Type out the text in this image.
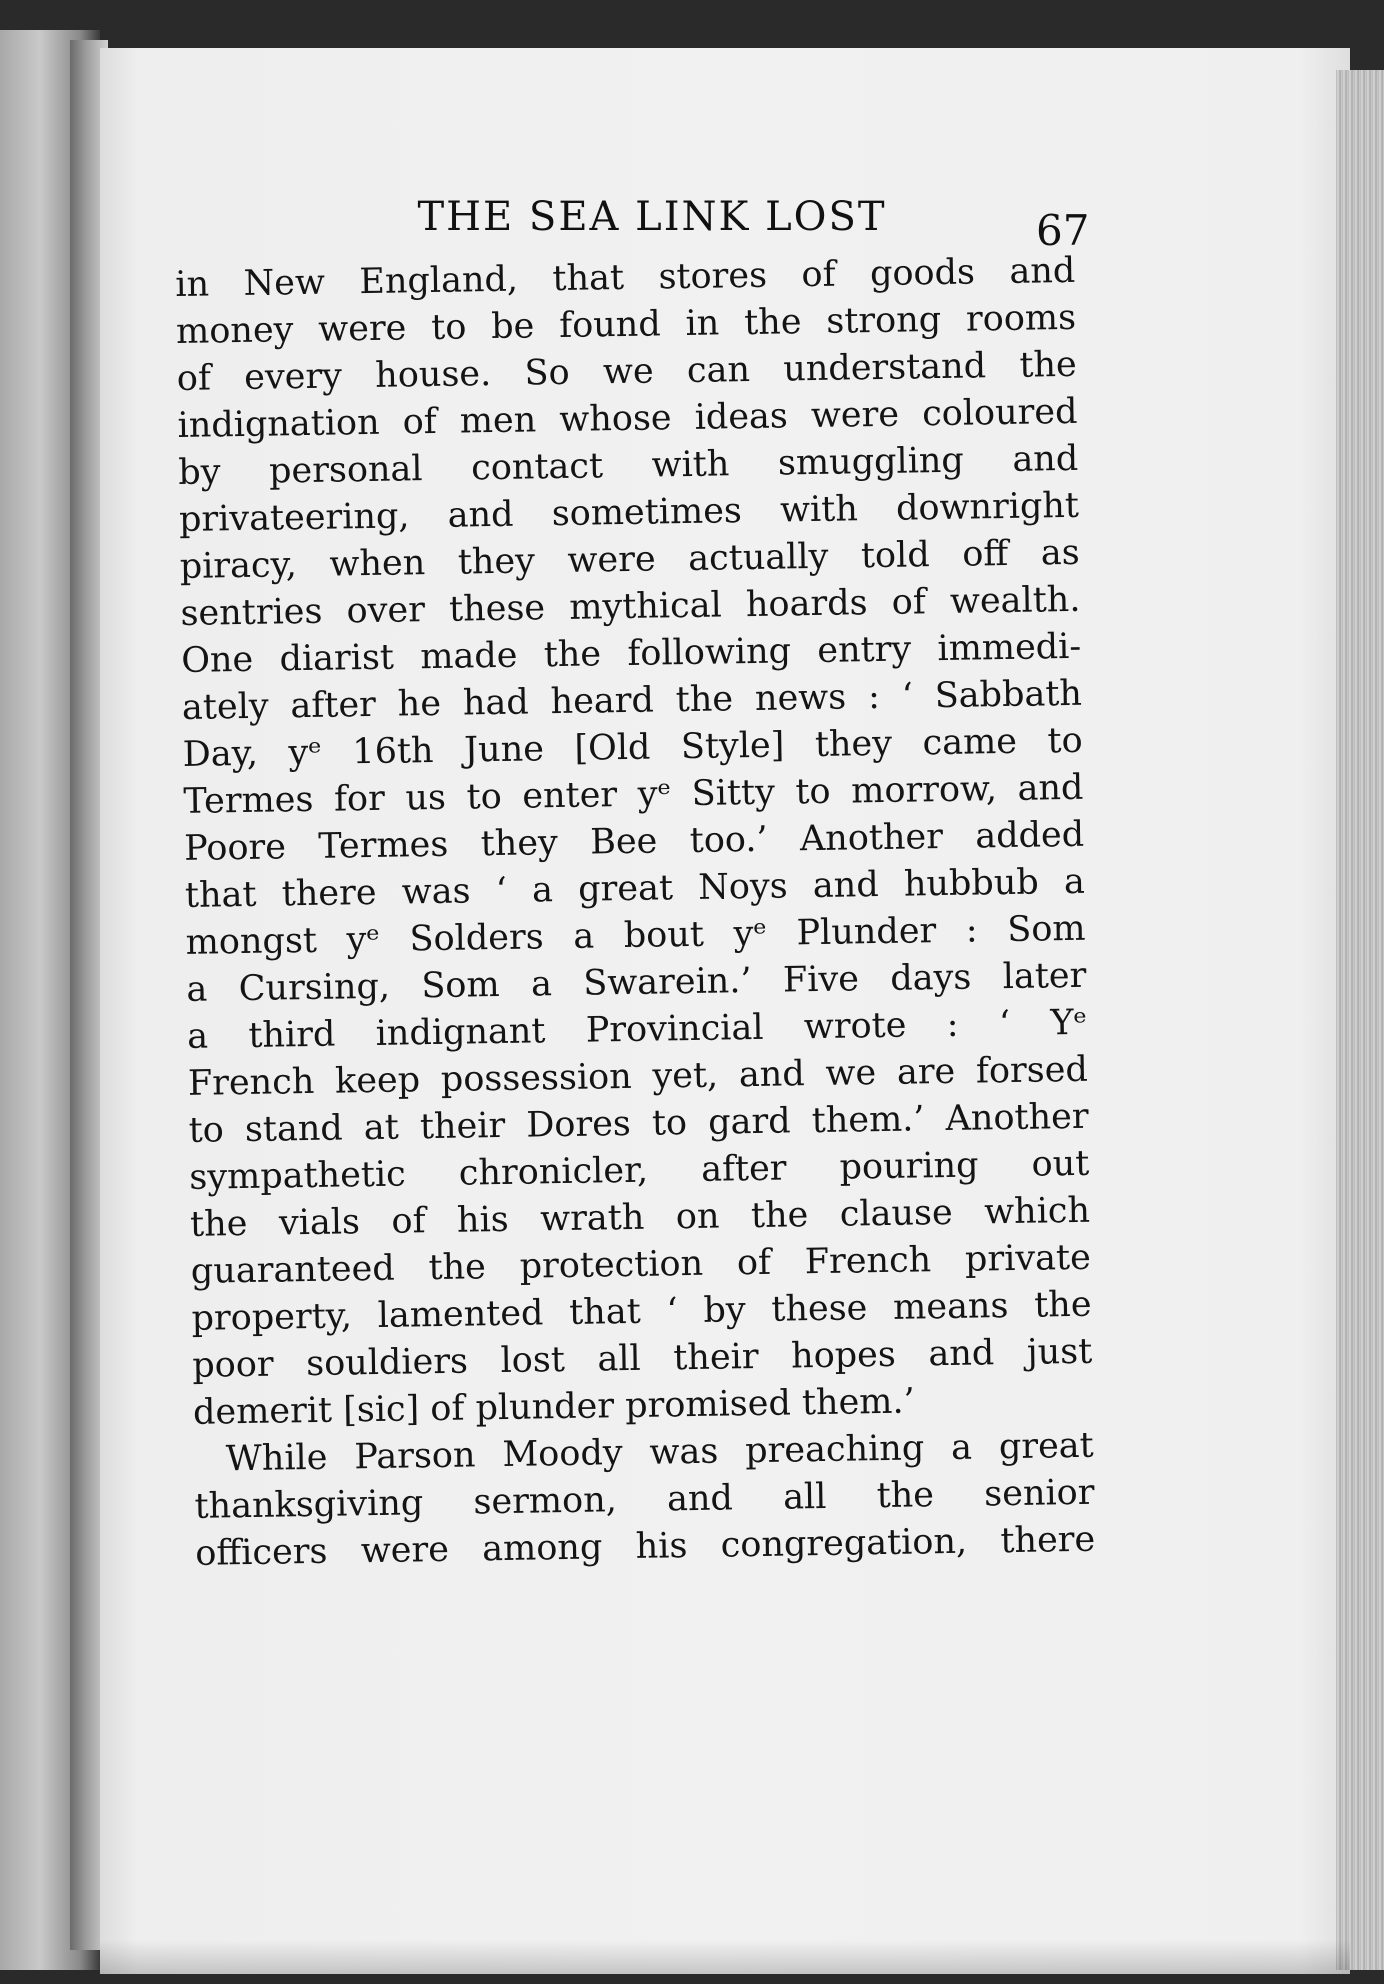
THE SEA LINK LOST	67
in New England, that stores of goods and
money were to be found in the strong rooms
of every house. So we can understand the
indignation of men whose ideas were coloured
by personal contact with smuggling and
privateering, and sometimes with downright
piracy, when they were actually told off as
sentries over these mythical hoards of wealth.
One diarist made the following entry immedi-
ately after he had heard the news : ‘ Sabbath
Day, yᵉ 16th June [Old Style] they came to
Termes for us to enter yᵉ Sitty to morrow, and
Poore Termes they Bee too.’ Another added
that there was ‘ a great Noys and hubbub a
mongst yᵉ Solders a bout yᵉ Plunder : Som
a Cursing, Som a Swarein.’ Five days later
a third indignant Provincial wrote : ‘ Yᵉ
French keep possession yet, and we are forsed
to stand at their Dores to gard them.’ Another
sympathetic chronicler, after pouring out
the vials of his wrath on the clause which
guaranteed the protection of French private
property, lamented that ‘ by these means the
poor souldiers lost all their hopes and just
demerit [sic] of plunder promised them.’
While Parson Moody was preaching a great
thanksgiving sermon, and all the senior
officers were among his congregation, there
